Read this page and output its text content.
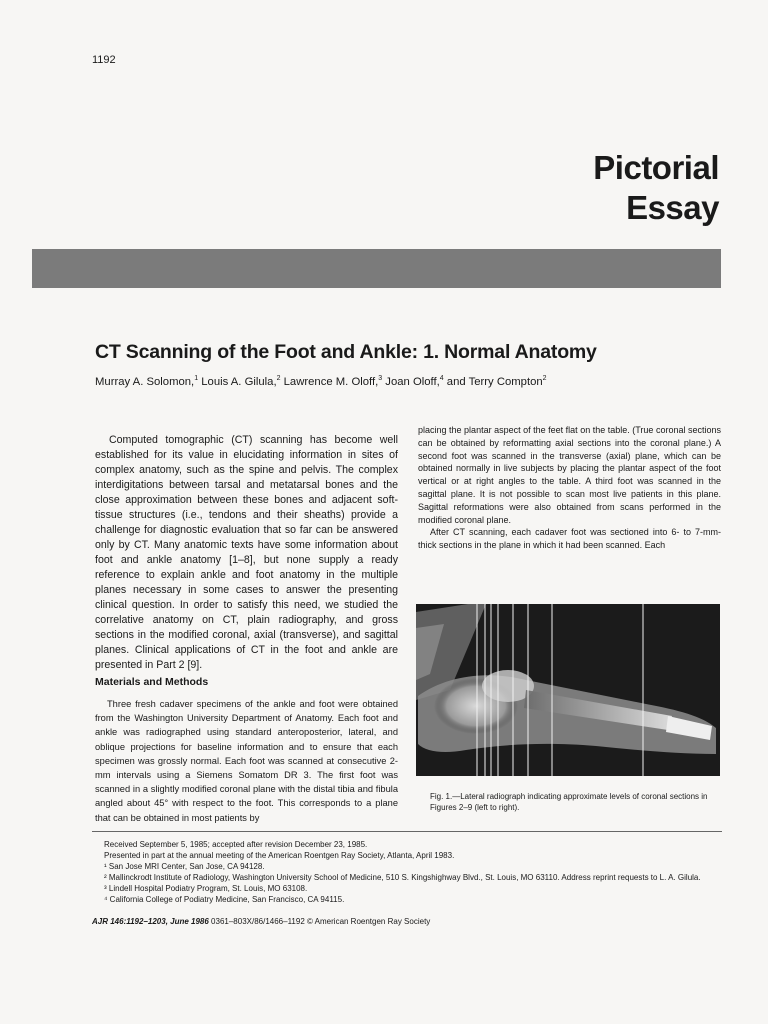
1192
Pictorial
Essay
CT Scanning of the Foot and Ankle: 1. Normal Anatomy
Murray A. Solomon,$^1$ Louis A. Gilula,$^2$ Lawrence M. Oloff,$^3$ Joan Oloff,$^4$ and Terry Compton$^2$

Computed tomographic (CT) scanning has become well established for its value in elucidating information in sites of complex anatomy, such as the spine and pelvis. The complex interdigitations between tarsal and metatarsal bones and the close approximation between these bones and adjacent soft-tissue structures (i.e., tendons and their sheaths) provide a challenge for diagnostic evaluation that so far can be answered only by CT. Many anatomic texts have some information about foot and ankle anatomy [1–8], but none supply a ready reference to explain ankle and foot anatomy in the multiple planes necessary in some cases to answer the presenting clinical question. In order to satisfy this need, we studied the correlative anatomy on CT, plain radiography, and gross sections in the modified coronal, axial (transverse), and sagittal planes. Clinical applications of CT in the foot and ankle are presented in Part 2 [9].

Materials and Methods

Three fresh cadaver specimens of the ankle and foot were obtained from the Washington University Department of Anatomy. Each foot and ankle was radiographed using standard anteroposterior, lateral, and oblique projections for baseline information and to ensure that each specimen was grossly normal. Each foot was scanned at consecutive 2-mm intervals using a Siemens Somatom DR 3. The first foot was scanned in a slightly modified coronal plane with the distal tibia and fibula angled about 45° with respect to the foot. This corresponds to a plane that can be obtained in most patients by

placing the plantar aspect of the feet flat on the table. (True coronal sections can be obtained by reformatting axial sections into the coronal plane.) A second foot was scanned in the transverse (axial) plane, which can be obtained normally in live subjects by placing the plantar aspect of the foot vertical or at right angles to the table. A third foot was scanned in the sagittal plane. It is not possible to scan most live patients in this plane. Sagittal reformations were also obtained from scans performed in the modified coronal plane.

After CT scanning, each cadaver foot was sectioned into 6- to 7-mm-thick sections in the plane in which it had been scanned. Each

Fig. 1.—Lateral radiograph indicating approximate levels of coronal sections in Figures 2–9 (left to right).

Received September 5, 1985; accepted after revision December 23, 1985.

Presented in part at the annual meeting of the American Roentgen Ray Society, Atlanta, April 1983.

¹ San Jose MRI Center, San Jose, CA 94128.

² Mallinckrodt Institute of Radiology, Washington University School of Medicine, 510 S. Kingshighway Blvd., St. Louis, MO 63110. Address reprint requests to L. A. Gilula.

³ Lindell Hospital Podiatry Program, St. Louis, MO 63108.

⁴ California College of Podiatry Medicine, San Francisco, CA 94115.

AJR 146:1192–1203, June 1986 0361–803X/86/1466–1192 © American Roentgen Ray Society
